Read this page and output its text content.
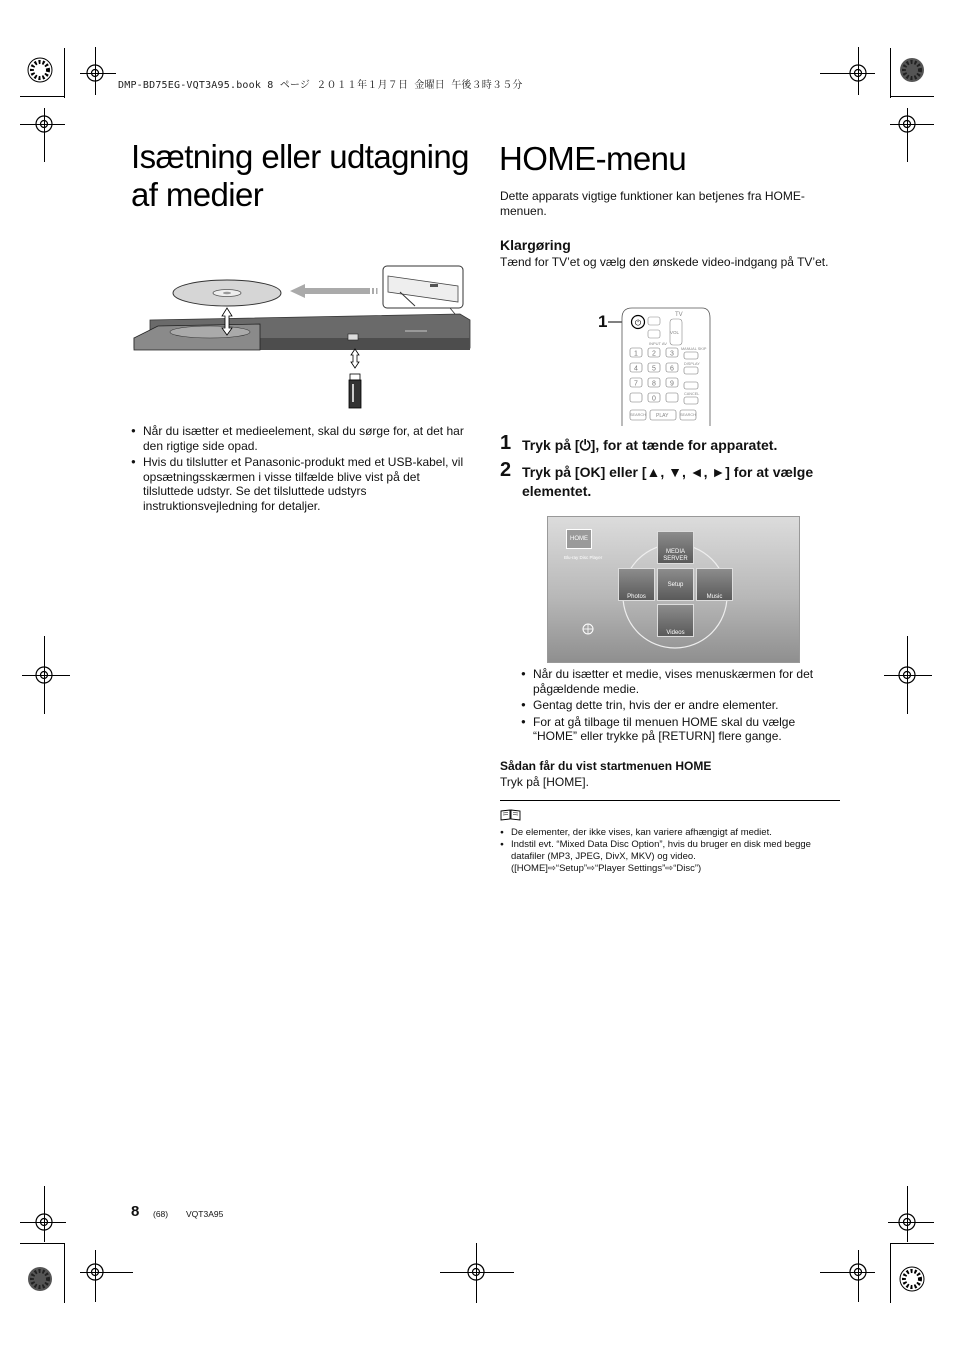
DMP-BD75EG-VQT3A95.book 8 ページ ２０１１年１月７日 金曜日 午後３時３５分
Isætning eller udtagning
af medier
● Når du isætter et medieelement, skal du sørge for, at det har den rigtige side opad.
● Hvis du tilslutter et Panasonic-produkt med et USB-kabel, vil opsætningsskærmen i visse tilfælde blive vist på det tilsluttede udstyr. Se det tilsluttede udstyrs instruktionsvejledning for detaljer.
HOME-menu
Dette apparats vigtige funktioner kan betjenes fra HOME-menuen.
Klargøring
Tænd for TV’et og vælg den ønskede video-indgang på TV’et.
1	⏻
TV
INPUT AV
VOL
1 2 3
4 5 6
7 8 9
0
MANUAL SKIP
DISPLAY
CANCEL
SEARCH PLAY	SEARCH
1 Tryk på [⏻], for at tænde for apparatet.
2 Tryk på [OK] eller [▲, ▼, ◄, ►] for at vælge elementet.
HOME
Blu-ray Disc Player
MEDIA SERVER
Photos
Setup
Music
Videos
● Når du isætter et medie, vises menuskærmen for det pågældende medie.
● Gentag dette trin, hvis der er andre elementer.
● For at gå tilbage til menuen HOME skal du vælge “HOME” eller trykke på [RETURN] flere gange.
Sådan får du vist startmenuen HOME
Tryk på [HOME].
● De elementer, der ikke vises, kan variere afhængigt af mediet.
● Indstil evt. “Mixed Data Disc Option”, hvis du bruger en disk med begge datafiler (MP3, JPEG, DivX, MKV) og video.
([HOME]⇨“Setup”⇨“Player Settings”⇨“Disc”)
8 (68) VQT3A95
